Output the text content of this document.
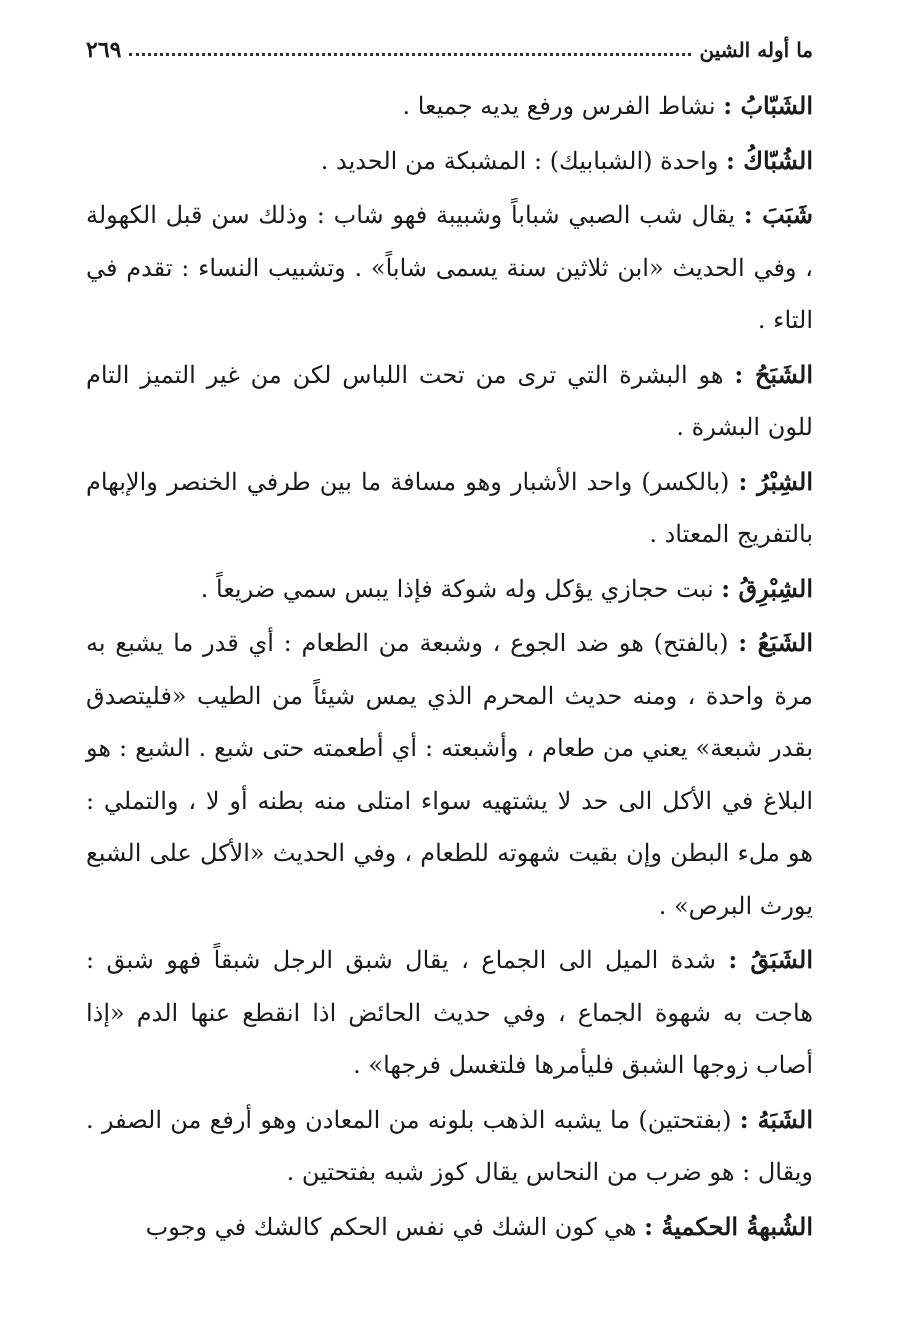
ما أوله الشين
٢٦٩

الشَبّابُ : نشاط الفرس ورفع يديه جميعا .

الشُبّاكُ : واحدة (الشبابيك) : المشبكة من الحديد .

شَبَبَ : يقال شب الصبي شباباً وشبيبة فهو شاب : وذلك سن قبل الكهولة ، وفي الحديث «ابن ثلاثين سنة يسمى شاباً» . وتشبيب النساء : تقدم في التاء .

الشَبَحُ : هو البشرة التي ترى من تحت اللباس لكن من غير التميز التام للون البشرة .

الشِبْرُ : (بالكسر) واحد الأشبار وهو مسافة ما بين طرفي الخنصر والإبهام بالتفريج المعتاد .

الشِبْرِقُ : نبت حجازي يؤكل وله شوكة فإذا يبس سمي ضريعاً .

الشَبَعُ : (بالفتح) هو ضد الجوع ، وشبعة من الطعام : أي قدر ما يشبع به مرة واحدة ، ومنه حديث المحرم الذي يمس شيئاً من الطيب «فليتصدق بقدر شبعة» يعني من طعام ، وأشبعته : أي أطعمته حتى شبع . الشبع : هو البلاغ في الأكل الى حد لا يشتهيه سواء امتلى منه بطنه أو لا ، والتملي : هو ملء البطن وإن بقيت شهوته للطعام ، وفي الحديث «الأكل على الشبع يورث البرص» .

الشَبَقُ : شدة الميل الى الجماع ، يقال شبق الرجل شبقاً فهو شبق : هاجت به شهوة الجماع ، وفي حديث الحائض اذا انقطع عنها الدم «إذا أصاب زوجها الشبق فليأمرها فلتغسل فرجها» .

الشَبَهُ : (بفتحتين) ما يشبه الذهب بلونه من المعادن وهو أرفع من الصفر . ويقال : هو ضرب من النحاس يقال كوز شبه بفتحتين .

الشُبهةُ الحكميةُ : هي كون الشك في نفس الحكم كالشك في وجوب
